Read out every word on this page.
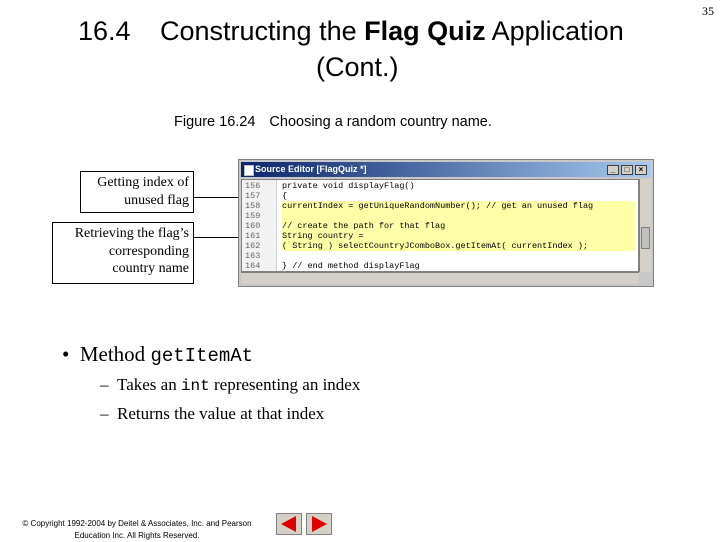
35
16.4 Constructing the Flag Quiz Application
(Cont.)
Figure 16.24 Choosing a random country name.
Getting index of
unused flag
Retrieving the flag’s
corresponding
country name
Source Editor [FlagQuiz *]	_	□	×
156
157
158
159
160
161
162
163
164
private void displayFlag()
{
currentIndex = getUniqueRandomNumber(); // get an unused flag
// create the path for that flag
String country =
( String ) selectCountryJComboBox.getItemAt( currentIndex );
} // end method displayFlag
• Method getItemAt
– Takes an int representing an index
– Returns the value at that index
© Copyright 1992-2004 by Deitel & Associates, Inc. and Pearson
Education Inc. All Rights Reserved.
